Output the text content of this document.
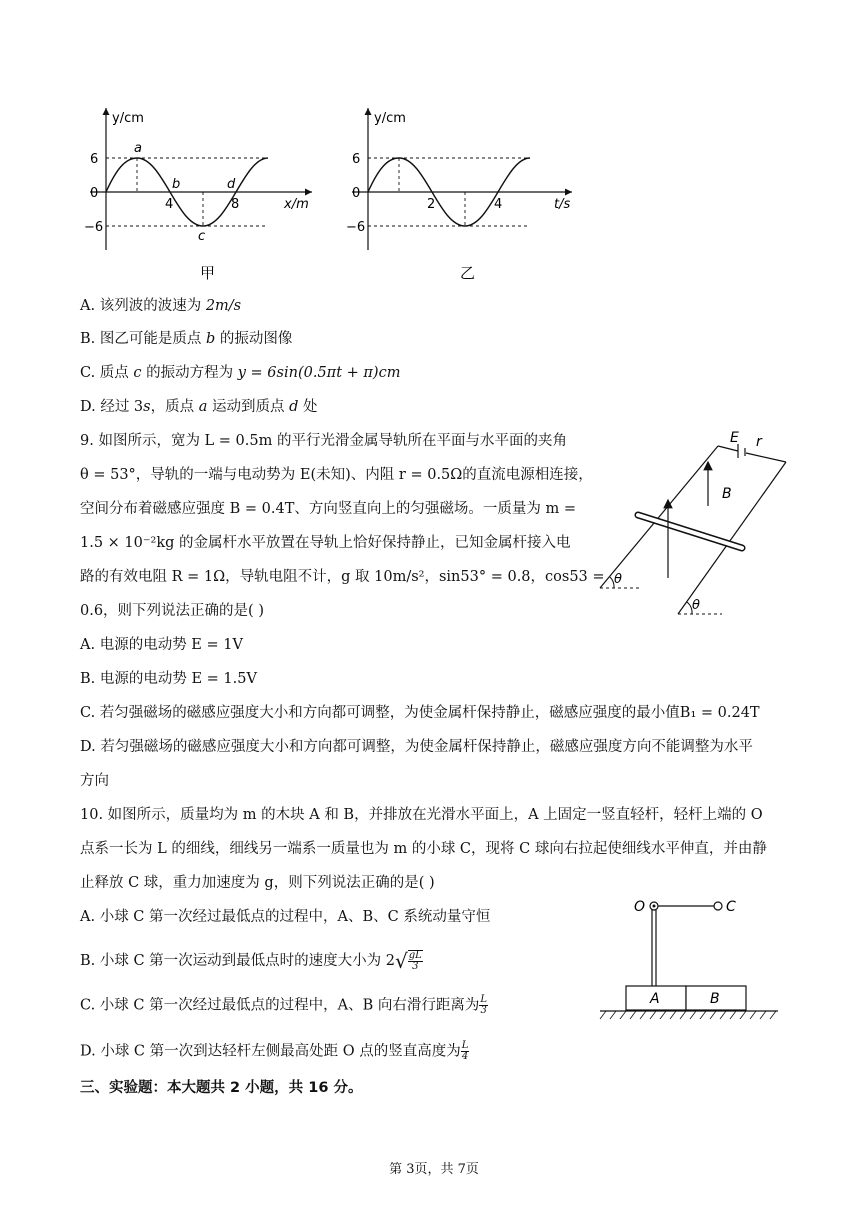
y/cm
x/m
6
0
−6
4	8
a
b
c
d
甲
y/cm
t/s
6
0
−6
2	4
乙
A. 该列波的波速为 2m/s
B. 图乙可能是质点 b 的振动图像
C. 质点 c 的振动方程为 y = 6sin(0.5πt + π)cm
D. 经过 3s，质点 a 运动到质点 d 处
9. 如图所示，宽为 L = 0.5m 的平行光滑金属导轨所在平面与水平面的夹角
θ = 53°，导轨的一端与电动势为 E(未知)、内阻 r = 0.5Ω的直流电源相连接，
空间分布着磁感应强度 B = 0.4T、方向竖直向上的匀强磁场。一质量为 m =
1.5 × 10⁻²kg 的金属杆水平放置在导轨上恰好保持静止，已知金属杆接入电
路的有效电阻 R = 1Ω，导轨电阻不计，g 取 10m/s²，sin53° = 0.8，cos53 =
0.6，则下列说法正确的是( )
E r
B
θ
θ
A. 电源的电动势 E = 1V
B. 电源的电动势 E = 1.5V
C. 若匀强磁场的磁感应强度大小和方向都可调整，为使金属杆保持静止，磁感应强度的最小值B₁ = 0.24T
D. 若匀强磁场的磁感应强度大小和方向都可调整，为使金属杆保持静止，磁感应强度方向不能调整为水平
方向
10. 如图所示，质量均为 m 的木块 A 和 B，并排放在光滑水平面上，A 上固定一竖直轻杆，轻杆上端的 O
点系一长为 L 的细线，细线另一端系一质量也为 m 的小球 C，现将 C 球向右拉起使细线水平伸直，并由静
止释放 C 球，重力加速度为 g，则下列说法正确的是( )
O	C
A	B
A. 小球 C 第一次经过最低点的过程中，A、B、C 系统动量守恒
B. 小球 C 第一次运动到最低点时的速度大小为 $2√ \frac{gL}{3}$
C. 小球 C 第一次经过最低点的过程中，A、B 向右滑行距离为 $\frac{L}{3}$
D. 小球 C 第一次到达轻杆左侧最高处距 O 点的竖直高度为 $\frac{L}{4}$
三、实验题：本大题共 2 小题，共 16 分。
第 3页，共 7页
